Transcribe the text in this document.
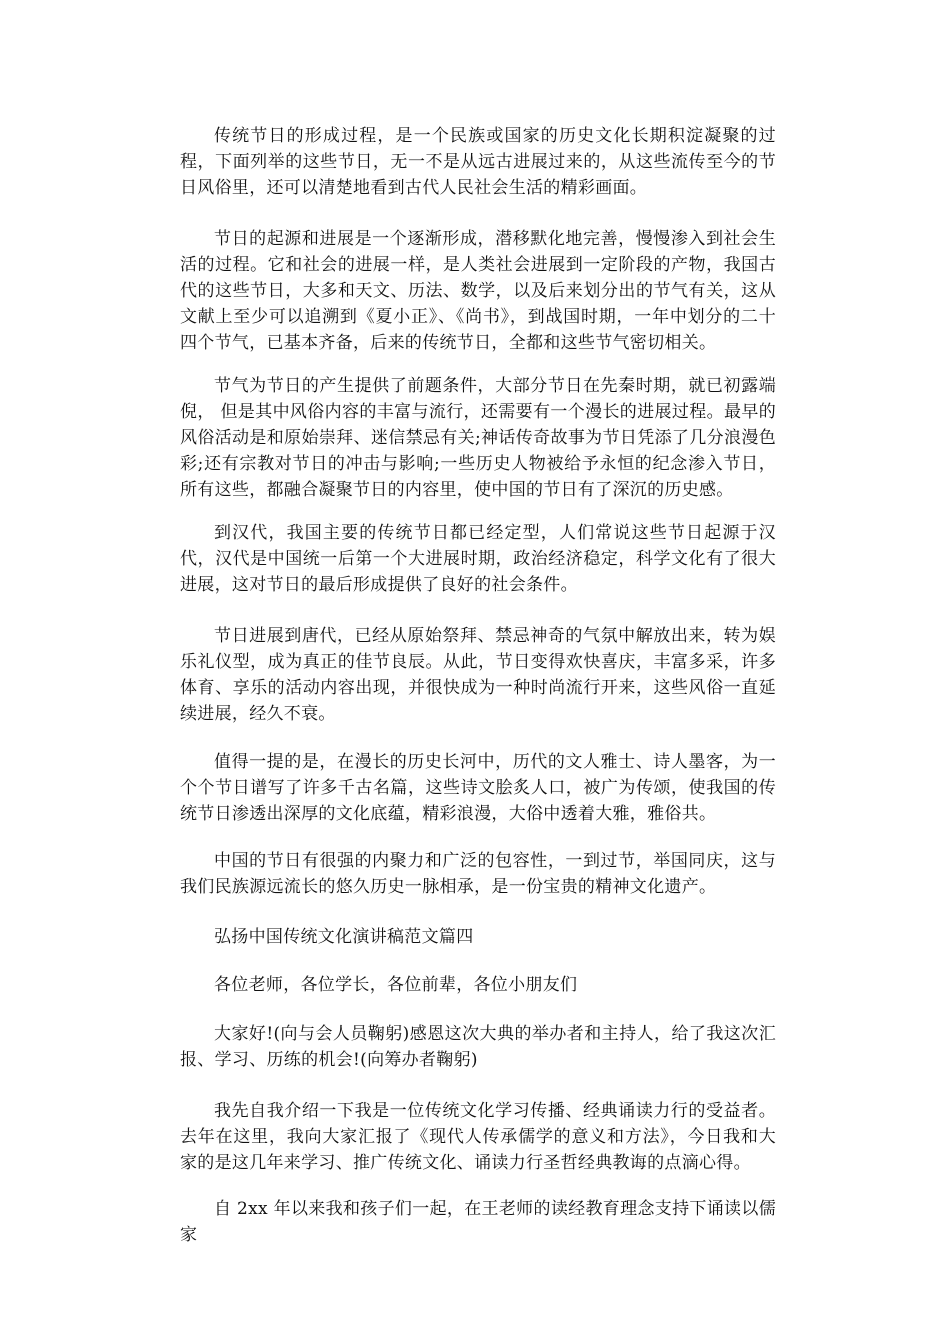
传统节日的形成过程，是一个民族或国家的历史文化长期积淀凝聚的过程，下面列举的这些节日，无一不是从远古进展过来的，从这些流传至今的节日风俗里，还可以清楚地看到古代人民社会生活的精彩画面。

节日的起源和进展是一个逐渐形成，潜移默化地完善，慢慢渗入到社会生活的过程。它和社会的进展一样，是人类社会进展到一定阶段的产物，我国古代的这些节日，大多和天文、历法、数学，以及后来划分出的节气有关，这从文献上至少可以追溯到《夏小正》、《尚书》，到战国时期，一年中划分的二十四个节气，已基本齐备，后来的传统节日，全都和这些节气密切相关。

节气为节日的产生提供了前题条件，大部分节日在先秦时期，就已初露端倪， 但是其中风俗内容的丰富与流行，还需要有一个漫长的进展过程。最早的风俗活动是和原始崇拜、迷信禁忌有关;神话传奇故事为节日凭添了几分浪漫色彩;还有宗教对节日的冲击与影响;一些历史人物被给予永恒的纪念渗入节日，所有这些，都融合凝聚节日的内容里，使中国的节日有了深沉的历史感。

到汉代，我国主要的传统节日都已经定型，人们常说这些节日起源于汉代，汉代是中国统一后第一个大进展时期，政治经济稳定，科学文化有了很大进展，这对节日的最后形成提供了良好的社会条件。

节日进展到唐代，已经从原始祭拜、禁忌神奇的气氛中解放出来，转为娱乐礼仪型，成为真正的佳节良辰。从此，节日变得欢快喜庆，丰富多采，许多体育、享乐的活动内容出现，并很快成为一种时尚流行开来，这些风俗一直延续进展，经久不衰。

值得一提的是，在漫长的历史长河中，历代的文人雅士、诗人墨客，为一个个节日谱写了许多千古名篇，这些诗文脍炙人口，被广为传颂，使我国的传统节日渗透出深厚的文化底蕴，精彩浪漫，大俗中透着大雅，雅俗共。

中国的节日有很强的内聚力和广泛的包容性，一到过节，举国同庆，这与我们民族源远流长的悠久历史一脉相承，是一份宝贵的精神文化遗产。

弘扬中国传统文化演讲稿范文篇四

各位老师，各位学长，各位前辈，各位小朋友们

大家好!(向与会人员鞠躬)感恩这次大典的举办者和主持人，给了我这次汇报、学习、历练的机会!(向筹办者鞠躬)

我先自我介绍一下我是一位传统文化学习传播、经典诵读力行的受益者。去年在这里，我向大家汇报了《现代人传承儒学的意义和方法》，今日我和大家的是这几年来学习、推广传统文化、诵读力行圣哲经典教诲的点滴心得。

自 2xx 年以来我和孩子们一起，在王老师的读经教育理念支持下诵读以儒家
